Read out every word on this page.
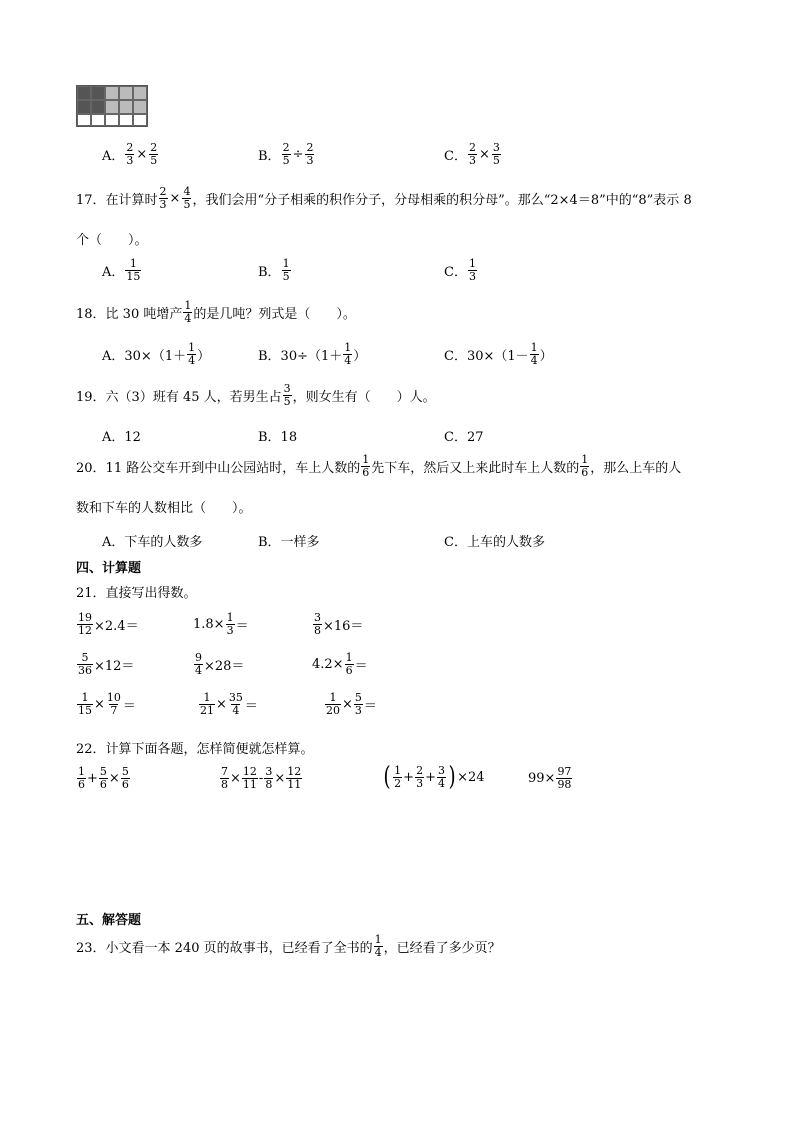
A． $\frac{2}{3} \times \frac{2}{5}$	B． $\frac{2}{5} \div \frac{2}{3}$	C． $\frac{2}{3} \times \frac{3}{5}$
17．在计算时 $\frac{2}{3} \times \frac{4}{5}$ ，我们会用“分子相乘的积作分子，分母相乘的积分母”。那么“2×4＝8”中的“8”表示 8
个（　　）。
A． $\frac{1}{15}$	B． $\frac{1}{5}$	C． $\frac{1}{3}$
18．比 30 吨增产 $\frac{1}{4}$ 的是几吨？列式是（　　）。
A．$30\times(1+ \frac{1}{4}$ ）	B．$30\div(1+ \frac{1}{4}$ ）	C．$30\times(1- \frac{1}{4}$ ）
19．六（3）班有 45 人，若男生占 $\frac{3}{5}$ ，则女生有（　　）人。
A．12	B．18	C．27
20．11 路公交车开到中山公园站时，车上人数的 $\frac{1}{6}$ 先下车，然后又上来此时车上人数的 $\frac{1}{6}$ ，那么上车的人
数和下车的人数相比（　　）。
A．下车的人数多	B．一样多	C．上车的人数多
四、计算题
21．直接写出得数。
$\frac{19}{12} \times 2.4=$	$1.8\times \frac{1}{3}$ ＝	$\frac{3}{8} \times 16=$
$\frac{5}{36} \times 12=$	$\frac{9}{4} \times 28=$	$4.2\times \frac{1}{6}$ ＝
$\frac{1}{15} \times \frac{10}{7}$ ＝	$\frac{1}{21} \times \frac{35}{4}$ ＝	$\frac{1}{20} \times \frac{5}{3}$ ＝
22．计算下面各题，怎样简便就怎样算。
$\frac{1}{6} + \frac{5}{6} \times \frac{5}{6}$	$\frac{7}{8} \times \frac{12}{11} - \frac{3}{8} \times \frac{12}{11}$	( $\frac{1}{2} + \frac{2}{3} + \frac{3}{4}$ ) ×24	$99\times \frac{97}{98}$
五、解答题
23．小文看一本 240 页的故事书，已经看了全书的 $\frac{1}{4}$ ，已经看了多少页？
